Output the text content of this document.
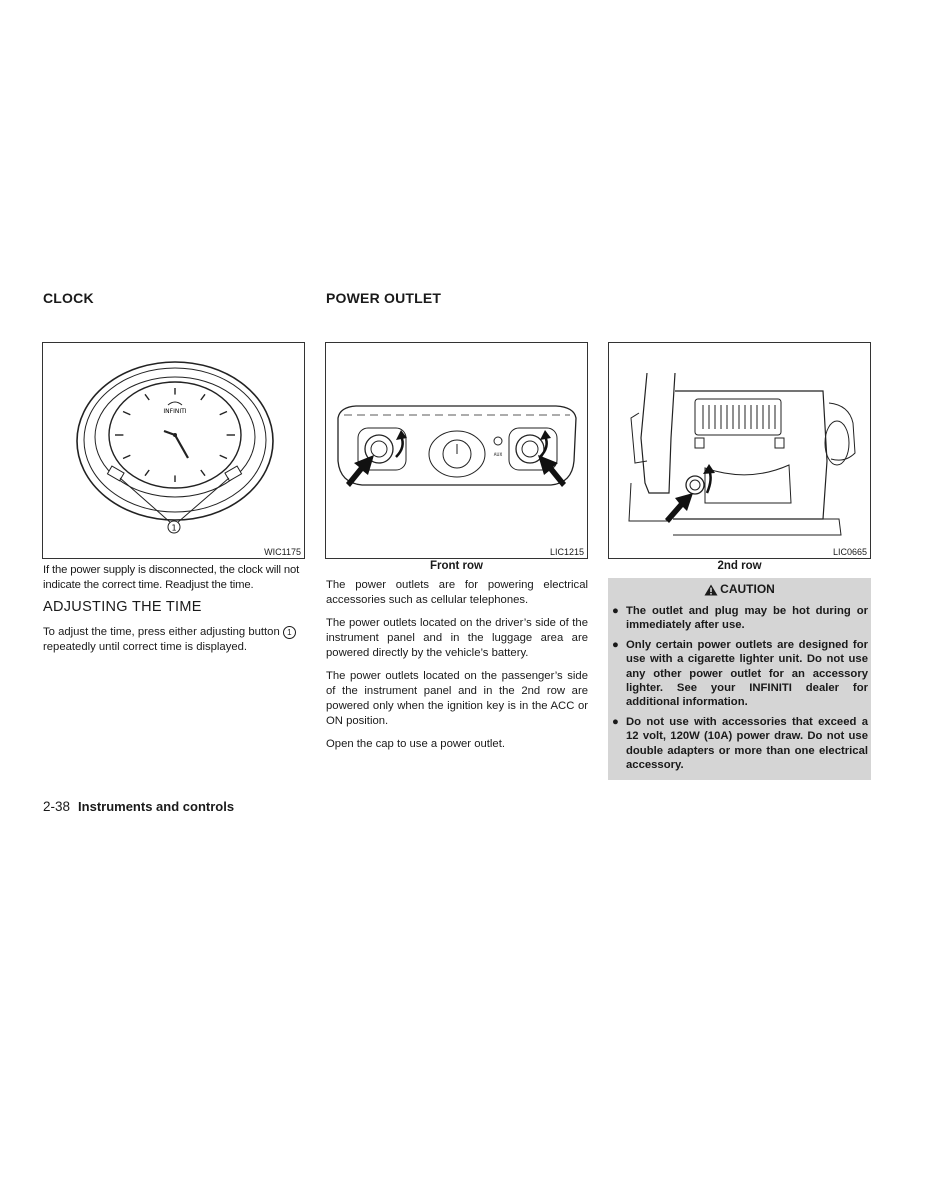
CLOCK
INFINITI
1
WIC1175

If the power supply is disconnected, the clock will not indicate the correct time. Readjust the time.

ADJUSTING THE TIME

To adjust the time, press either adjusting button 1repeatedly until correct time is displayed.

POWER OUTLET
AUX
LIC1215
Front row
LIC0665
2nd row

The power outlets are for powering electrical accessories such as cellular telephones.

The power outlets located on the driver’s side of the instrument panel and in the luggage area are powered directly by the vehicle’s battery.

The power outlets located on the passenger’s side of the instrument panel and in the 2nd row are powered only when the ignition key is in the ACC or ON position.

Open the cap to use a power outlet.

CAUTION
● The outlet and plug may be hot during or immediately after use.
● Only certain power outlets are designed for use with a cigarette lighter unit. Do not use any other power outlet for an accessory lighter. See your INFINITI dealer for additional information.
● Do not use with accessories that exceed a 12 volt, 120W (10A) power draw. Do not use double adapters or more than one electrical accessory.
2-38 Instruments and controls
